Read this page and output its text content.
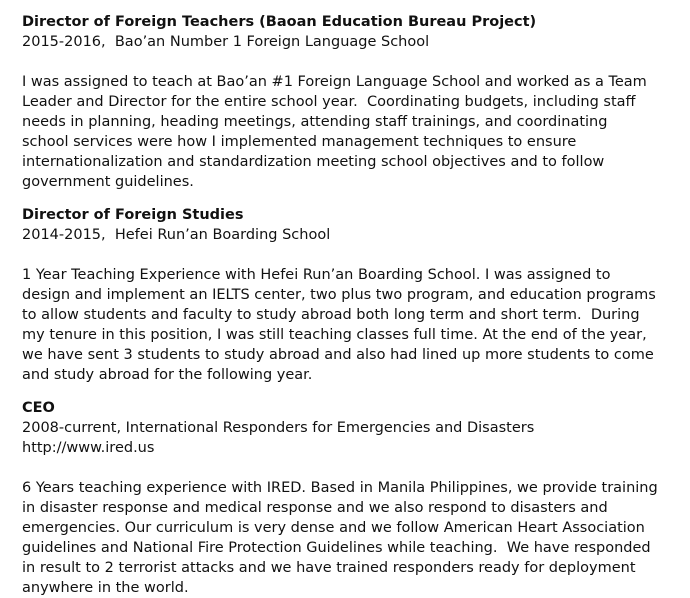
Director of Foreign Teachers (Baoan Education Bureau Project)

2015-2016,  Bao’an Number 1 Foreign Language School

I was assigned to teach at Bao’an #1 Foreign Language School and worked as a Team
Leader and Director for the entire school year.  Coordinating budgets, including staff
needs in planning, heading meetings, attending staff trainings, and coordinating
school services were how I implemented management techniques to ensure
internationalization and standardization meeting school objectives and to follow
government guidelines.

Director of Foreign Studies

2014-2015,  Hefei Run’an Boarding School

1 Year Teaching Experience with Hefei Run’an Boarding School. I was assigned to
design and implement an IELTS center, two plus two program, and education programs
to allow students and faculty to study abroad both long term and short term.  During
my tenure in this position, I was still teaching classes full time. At the end of the year,
we have sent 3 students to study abroad and also had lined up more students to come
and study abroad for the following year.

CEO

2008-current, International Responders for Emergencies and Disasters

http://www.ired.us

6 Years teaching experience with IRED. Based in Manila Philippines, we provide training
in disaster response and medical response and we also respond to disasters and
emergencies. Our curriculum is very dense and we follow American Heart Association
guidelines and National Fire Protection Guidelines while teaching.  We have responded
in result to 2 terrorist attacks and we have trained responders ready for deployment
anywhere in the world.
